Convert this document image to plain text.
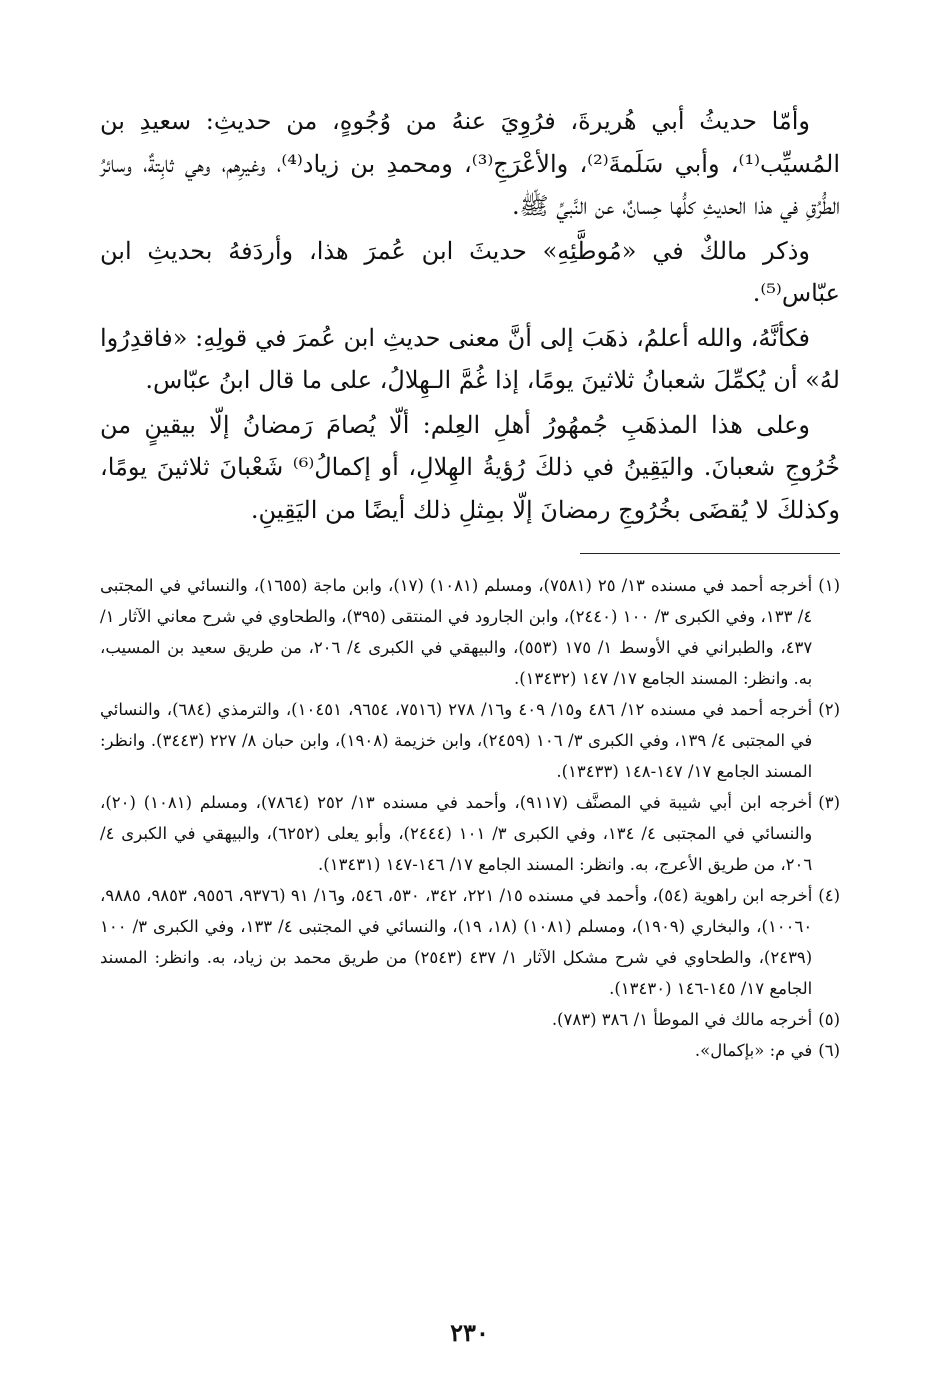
وأمّا حديثُ أبي هُريرةَ، فرُوِيَ عنهُ من وُجُوهٍ، من حديثِ: سعيدِ بن المُسيِّب⁽¹⁾، وأبي سَلَمةَ⁽²⁾، والأعْرَجِ⁽³⁾، ومحمدِ بن زياد⁽⁴⁾، وغيرِهم، وهي ثابِتةٌ، وسائرُ الطُّرُقِ في هذا الحديثِ كلُّها حِسانٌ، عن النَّبيِّ ﷺ.

وذكر مالكٌ في «مُوطَّئِهِ» حديثَ ابن عُمرَ هذا، وأردَفهُ بحديثِ ابن عبّاس⁽⁵⁾.

فكأنَّهُ، والله أعلمُ، ذهَبَ إلى أنَّ معنى حديثِ ابن عُمرَ في قولِهِ: «فاقدِرُوا لهُ» أن يُكمِّلَ شعبانُ ثلاثينَ يومًا، إذا غُمَّ الـهِلالُ، على ما قال ابنُ عبّاس.

وعلى هذا المذهَبِ جُمهُورُ أهلِ العِلم: ألّا يُصامَ رَمضانُ إلّا بيقينٍ من خُرُوجِ شعبانَ. واليَقِينُ في ذلكَ رُؤيةُ الهِلالِ، أو إكمالُ⁽⁶⁾ شَعْبانَ ثلاثينَ يومًا، وكذلكَ لا يُقضَى بخُرُوجِ رمضانَ إلّا بمِثلِ ذلك أيضًا من اليَقِينِ.

(١)
أخرجه أحمد في مسنده ١٣/ ٢٥ (٧٥٨١)، ومسلم (١٠٨١) (١٧)، وابن ماجة (١٦٥٥)، والنسائي في المجتبى ٤/ ١٣٣، وفي الكبرى ٣/ ١٠٠ (٢٤٤٠)، وابن الجارود في المنتقى (٣٩٥)، والطحاوي في شرح معاني الآثار ١/ ٤٣٧، والطبراني في الأوسط ١/ ١٧٥ (٥٥٣)، والبيهقي في الكبرى ٤/ ٢٠٦، من طريق سعيد بن المسيب، به. وانظر: المسند الجامع ١٧/ ١٤٧ (١٣٤٣٢).
(٢)
أخرجه أحمد في مسنده ١٢/ ٤٨٦ و١٥/ ٤٠٩ و١٦/ ٢٧٨ (٧٥١٦، ٩٦٥٤، ١٠٤٥١)، والترمذي (٦٨٤)، والنسائي في المجتبى ٤/ ١٣٩، وفي الكبرى ٣/ ١٠٦ (٢٤٥٩)، وابن خزيمة (١٩٠٨)، وابن حبان ٨/ ٢٢٧ (٣٤٤٣). وانظر: المسند الجامع ١٧/ ١٤٧-١٤٨ (١٣٤٣٣).
(٣)
أخرجه ابن أبي شيبة في المصنَّف (٩١١٧)، وأحمد في مسنده ١٣/ ٢٥٢ (٧٨٦٤)، ومسلم (١٠٨١) (٢٠)، والنسائي في المجتبى ٤/ ١٣٤، وفي الكبرى ٣/ ١٠١ (٢٤٤٤)، وأبو يعلى (٦٢٥٢)، والبيهقي في الكبرى ٤/ ٢٠٦، من طريق الأعرج، به. وانظر: المسند الجامع ١٧/ ١٤٦-١٤٧ (١٣٤٣١).
(٤)
أخرجه ابن راهوية (٥٤)، وأحمد في مسنده ١٥/ ٢٢١، ٣٤٢، ٥٣٠، ٥٤٦، و١٦/ ٩١ (٩٣٧٦، ٩٥٥٦، ٩٨٥٣، ٩٨٨٥، ١٠٠٦٠)، والبخاري (١٩٠٩)، ومسلم (١٠٨١) (١٨، ١٩)، والنسائي في المجتبى ٤/ ١٣٣، وفي الكبرى ٣/ ١٠٠ (٢٤٣٩)، والطحاوي في شرح مشكل الآثار ١/ ٤٣٧ (٢٥٤٣) من طريق محمد بن زياد، به. وانظر: المسند الجامع ١٧/ ١٤٥-١٤٦ (١٣٤٣٠).
(٥)
أخرجه مالك في الموطأ ١/ ٣٨٦ (٧٨٣).
(٦)
في م: «بإكمال».
٢٣٠
